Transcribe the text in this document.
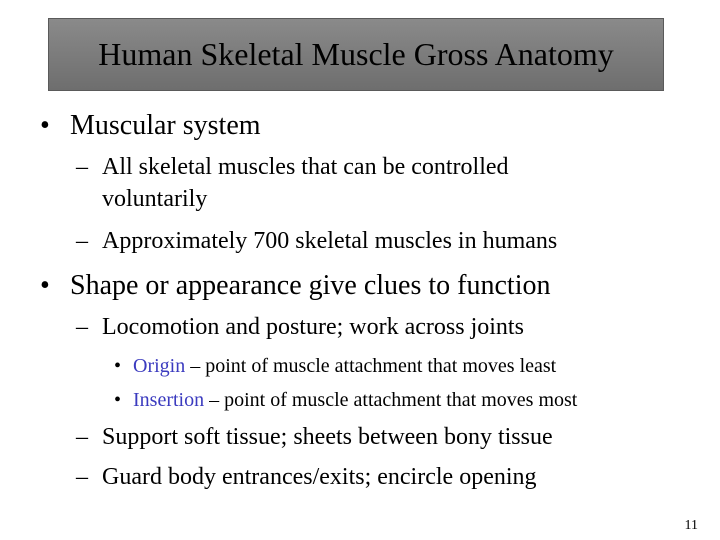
Human Skeletal Muscle Gross Anatomy
• Muscular system
– All skeletal muscles that can be controlled
voluntarily
– Approximately 700 skeletal muscles in humans
• Shape or appearance give clues to function
– Locomotion and posture; work across joints
• Origin – point of muscle attachment that moves least
• Insertion – point of muscle attachment that moves most
– Support soft tissue; sheets between bony tissue
– Guard body entrances/exits; encircle opening
11
